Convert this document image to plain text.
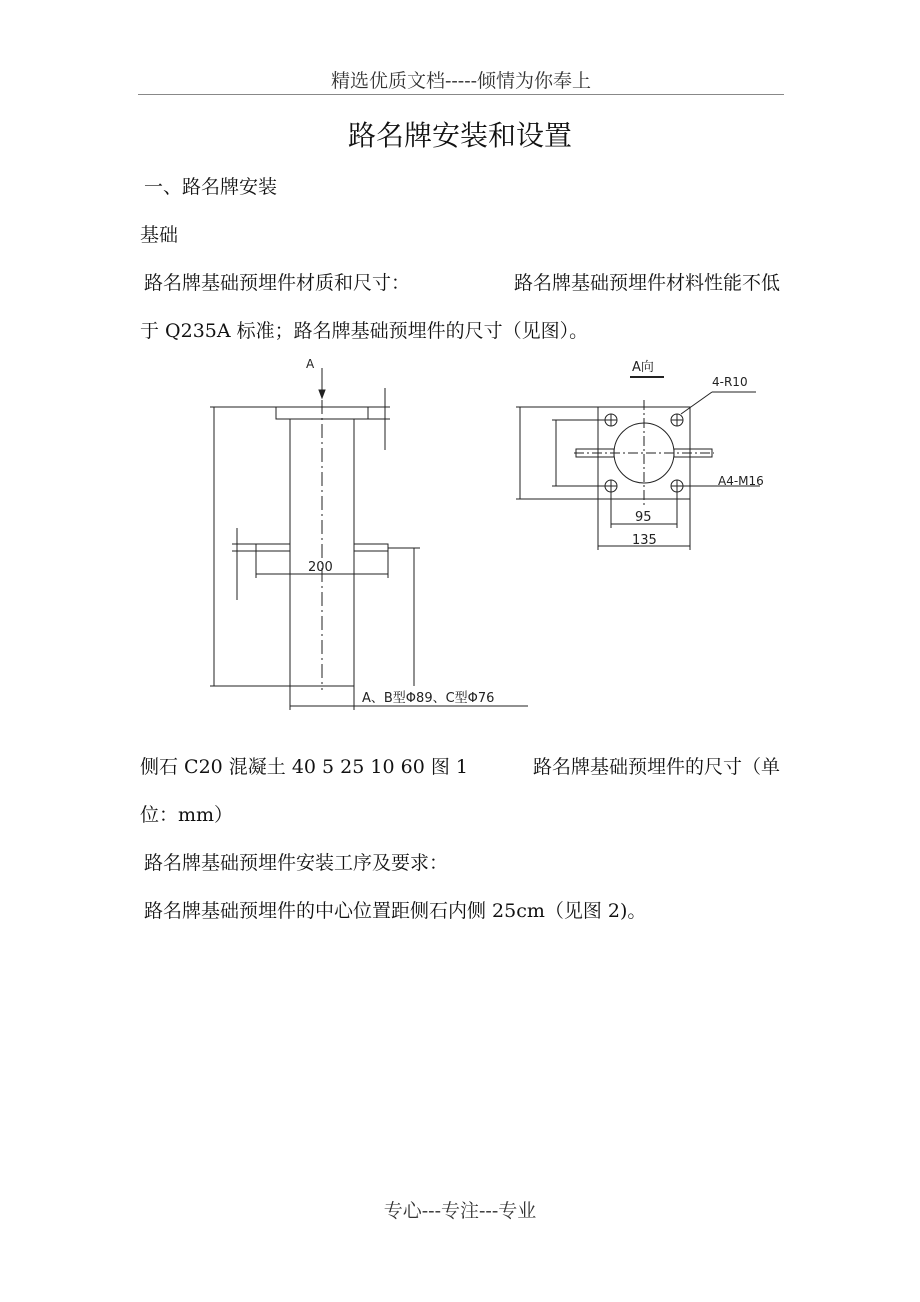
精选优质文档-----倾情为你奉上
路名牌安装和设置
一、路名牌安装
基础
路名牌基础预埋件材质和尺寸：	路名牌基础预埋件材料性能不低
于 Q235A 标准；路名牌基础预埋件的尺寸（见图）。
A	A向
4-R10
A4-M16
95
135
200
A、B型Φ89、C型Φ76
侧石 C20 混凝土 40 5 25 10 60 图 1	路名牌基础预埋件的尺寸（单
位：mm）
路名牌基础预埋件安装工序及要求：
路名牌基础预埋件的中心位置距侧石内侧 25cm（见图 2)。
专心---专注---专业
